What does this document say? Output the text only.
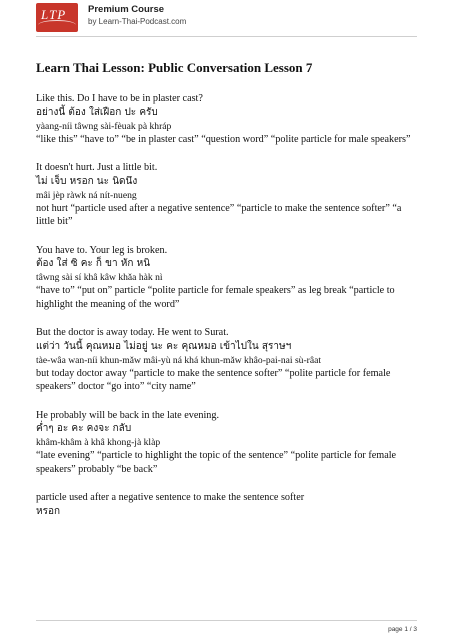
LTP Premium Course
by Learn-Thai-Podcast.com
Learn Thai Lesson: Public Conversation Lesson 7
Like this. Do I have to be in plaster cast?
อย่างนี้ ต้อง ใส่เฝือก ปะ ครับ
yàang-níi tâwng sài-fèuak pà khráp
“like this” “have to” “be in plaster cast” “question word” “polite particle for male speakers”
It doesn't hurt. Just a little bit.
ไม่ เจ็บ หรอก นะ นิดนึง
mâi jèp ràwk ná nít-nueng
not hurt “particle used after a negative sentence” “particle to make the sentence softer” “a little bit”
You have to. Your leg is broken.
ต้อง ใส่ ซิ คะ ก็ ขา หัก หนิ
tâwng sài sí khâ kâw khǎa hàk nì
“have to” “put on” particle “polite particle for female speakers” as leg break “particle to highlight the meaning of the word”
But the doctor is away today. He went to Surat.
แต่ว่า วันนี้ คุณหมอ ไม่อยู่ นะ คะ คุณหมอ เข้าไปใน สุราษฯ
tàe-wâa wan-níi khun-mǎw mâi-yù ná khá khun-mǎw khâo-pai-nai sù-râat
but today doctor away “particle to make the sentence softer” “polite particle for female speakers” doctor “go into” “city name”
He probably will be back in the late evening.
ค่ำๆ อะ คะ คงจะ กลับ
khâm-khâm à khâ khong-jà klàp
“late evening” “particle to highlight the topic of the sentence” “polite particle for female speakers” probably “be back”
particle used after a negative sentence to make the sentence softer
หรอก
page 1 / 3
